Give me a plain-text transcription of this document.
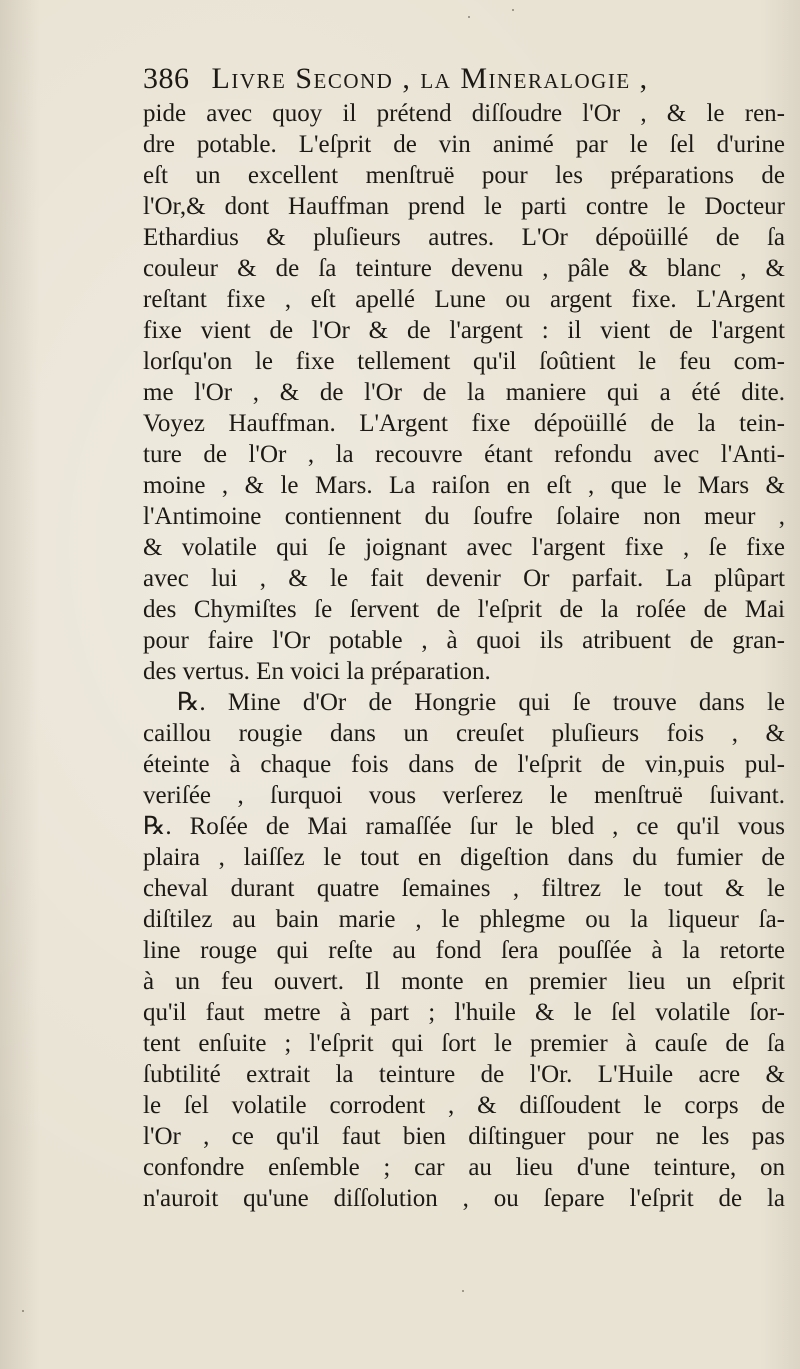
386 Livre Second , la Mineralogie ,
pide avec quoy il prétend diſſoudre l'Or , & le ren-
dre potable. L'eſprit de vin animé par le ſel d'urine
eſt un excellent menſtruë pour les préparations de
l'Or,& dont Hauffman prend le parti contre le Docteur
Ethardius & pluſieurs autres. L'Or dépoüillé de ſa
couleur & de ſa teinture devenu , pâle & blanc , &
reſtant fixe , eſt apellé Lune ou argent fixe. L'Argent
fixe vient de l'Or & de l'argent : il vient de l'argent
lorſqu'on le fixe tellement qu'il ſoûtient le feu com-
me l'Or , & de l'Or de la maniere qui a été dite.
Voyez Hauffman. L'Argent fixe dépoüillé de la tein-
ture de l'Or , la recouvre étant refondu avec l'Anti-
moine , & le Mars. La raiſon en eſt , que le Mars &
l'Antimoine contiennent du ſoufre ſolaire non meur ,
& volatile qui ſe joignant avec l'argent fixe , ſe fixe
avec lui , & le fait devenir Or parfait. La plûpart
des Chymiſtes ſe ſervent de l'eſprit de la roſée de Mai
pour faire l'Or potable , à quoi ils atribuent de gran-
des vertus. En voici la préparation.
℞. Mine d'Or de Hongrie qui ſe trouve dans le
caillou rougie dans un creuſet pluſieurs fois , &
éteinte à chaque fois dans de l'eſprit de vin,puis pul-
veriſée , ſurquoi vous verſerez le menſtruë ſuivant.
℞. Roſée de Mai ramaſſée ſur le bled , ce qu'il vous
plaira , laiſſez le tout en digeſtion dans du fumier de
cheval durant quatre ſemaines , filtrez le tout & le
diſtilez au bain marie , le phlegme ou la liqueur ſa-
line rouge qui reſte au fond ſera pouſſée à la retorte
à un feu ouvert. Il monte en premier lieu un eſprit
qu'il faut metre à part ; l'huile & le ſel volatile ſor-
tent enſuite ; l'eſprit qui ſort le premier à cauſe de ſa
ſubtilité extrait la teinture de l'Or. L'Huile acre &
le ſel volatile corrodent , & diſſoudent le corps de
l'Or , ce qu'il faut bien diſtinguer pour ne les pas
confondre enſemble ; car au lieu d'une teinture, on
n'auroit qu'une diſſolution , ou ſepare l'eſprit de la
